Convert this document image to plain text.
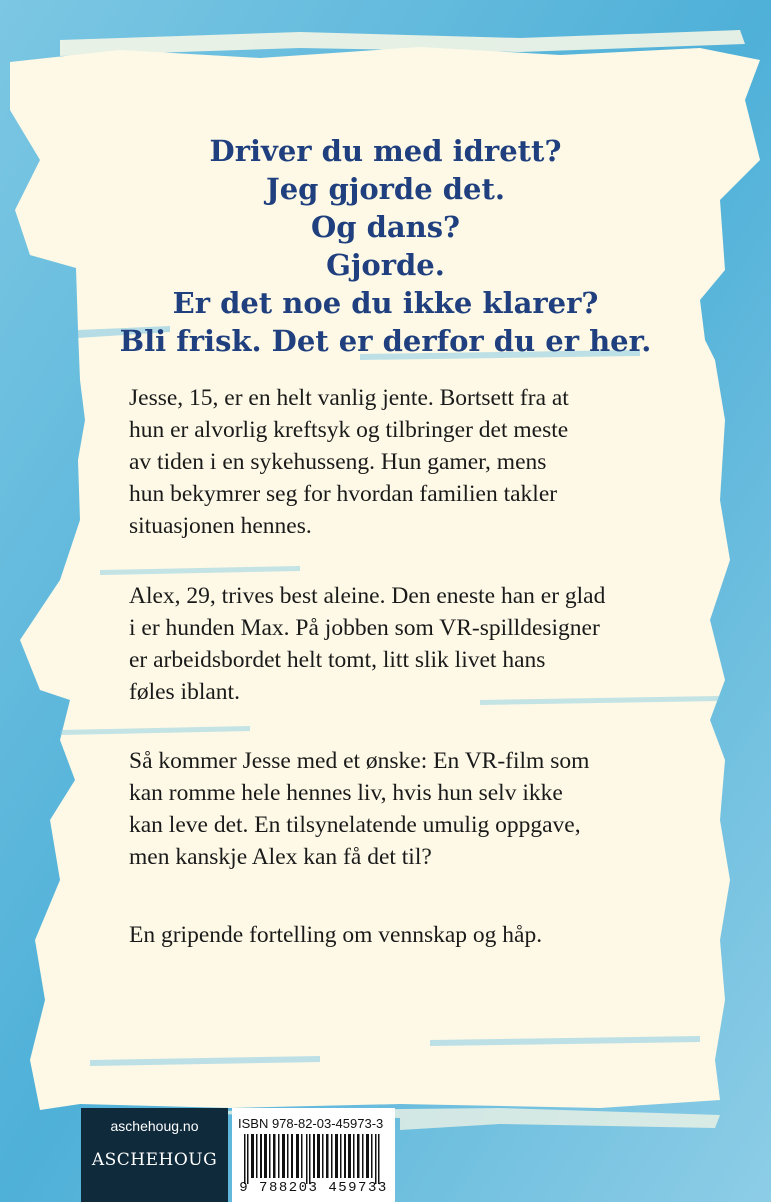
Driver du med idrett?
Jeg gjorde det.
Og dans?
Gjorde.
Er det noe du ikke klarer?
Bli frisk. Det er derfor du er her.

Jesse, 15, er en helt vanlig jente. Bortsett fra at

hun er alvorlig kreftsyk og tilbringer det meste

av tiden i en sykehusseng. Hun gamer, mens

hun bekymrer seg for hvordan familien takler

situasjonen hennes.

Alex, 29, trives best aleine. Den eneste han er glad

i er hunden Max. På jobben som VR-spilldesigner

er arbeidsbordet helt tomt, litt slik livet hans

føles iblant.

Så kommer Jesse med et ønske: En VR-film som

kan romme hele hennes liv, hvis hun selv ikke

kan leve det. En tilsynelatende umulig oppgave,

men kanskje Alex kan få det til?

En gripende fortelling om vennskap og håp.

aschehoug.no
ASCHEHOUG
ISBN 978-82-03-45973-3
9 788203 459733
